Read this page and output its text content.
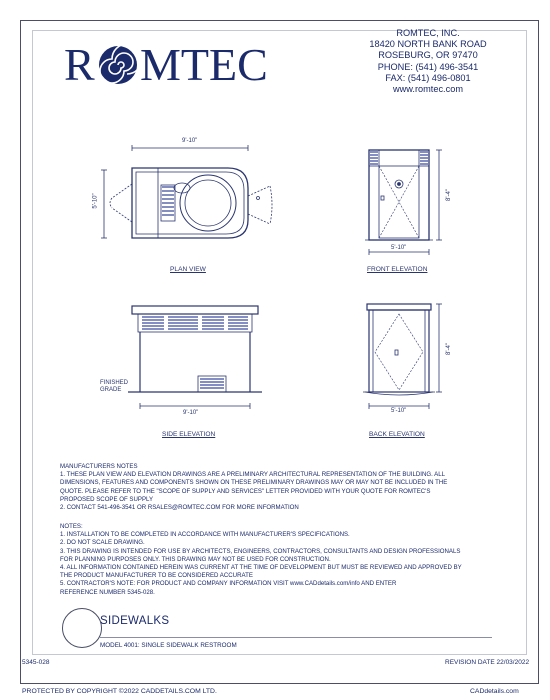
R MTEC
ROMTEC, INC.
18420 NORTH BANK ROAD
ROSEBURG, OR 97470
PHONE: (541) 496-3541
FAX: (541) 496-0801
www.romtec.com
9'-10"
5'-10"
PLAN VIEW
8'-4"
5'-10"
FRONT ELEVATION
FINISHED GRADE
9'-10"
SIDE ELEVATION
8'-4"
5'-10"
BACK ELEVATION
MANUFACTURERS NOTES
1. THESE PLAN VIEW AND ELEVATION DRAWINGS ARE A PRELIMINARY ARCHITECTURAL REPRESENTATION OF THE BUILDING. ALL
DIMENSIONS, FEATURES AND COMPONENTS SHOWN ON THESE PRELIMINARY DRAWINGS MAY OR MAY NOT BE INCLUDED IN THE
QUOTE. PLEASE REFER TO THE "SCOPE OF SUPPLY AND SERVICES" LETTER PROVIDED WITH YOUR QUOTE FOR ROMTEC'S
PROPOSED SCOPE OF SUPPLY
2. CONTACT 541-496-3541 OR RSALES@ROMTEC.COM FOR MORE INFORMATION
NOTES:
1. INSTALLATION TO BE COMPLETED IN ACCORDANCE WITH MANUFACTURER'S SPECIFICATIONS.
2. DO NOT SCALE DRAWING.
3. THIS DRAWING IS INTENDED FOR USE BY ARCHITECTS, ENGINEERS, CONTRACTORS, CONSULTANTS AND DESIGN PROFESSIONALS
FOR PLANNING PURPOSES ONLY. THIS DRAWING MAY NOT BE USED FOR CONSTRUCTION.
4. ALL INFORMATION CONTAINED HEREIN WAS CURRENT AT THE TIME OF DEVELOPMENT BUT MUST BE REVIEWED AND APPROVED BY
THE PRODUCT MANUFACTURER TO BE CONSIDERED ACCURATE
5. CONTRACTOR'S NOTE: FOR PRODUCT AND COMPANY INFORMATION VISIT www.CADdetails.com/info AND ENTER
REFERENCE NUMBER 5345-028.
SIDEWALKS
MODEL 4001: SINGLE SIDEWALK RESTROOM
5345-028	REVISION DATE 22/03/2022
PROTECTED BY COPYRIGHT ©2022 CADDETAILS.COM LTD.	CADdetails.com
